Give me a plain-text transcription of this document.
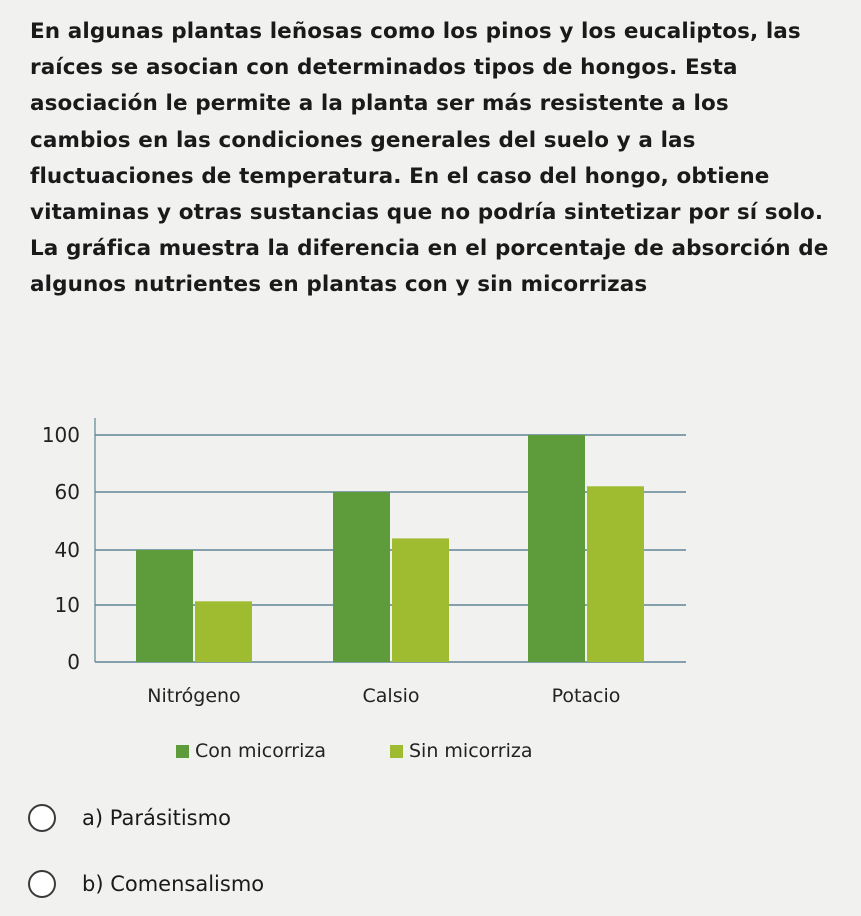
En algunas plantas leñosas como los pinos y los eucaliptos, las raíces se asocian con determinados tipos de hongos. Esta asociación le permite a la planta ser más resistente a los cambios en las condiciones generales del suelo y a las fluctuaciones de temperatura. En el caso del hongo, obtiene vitaminas y otras sustancias que no podría sintetizar por sí solo. La gráfica muestra la diferencia en el porcentaje de absorción de algunos nutrientes en plantas con y sin micorrizas

0
10
40
60
100
Nitrógeno	Calsio	Potacio
Con micorriza	Sin micorriza
a) Parásitismo
b) Comensalismo
